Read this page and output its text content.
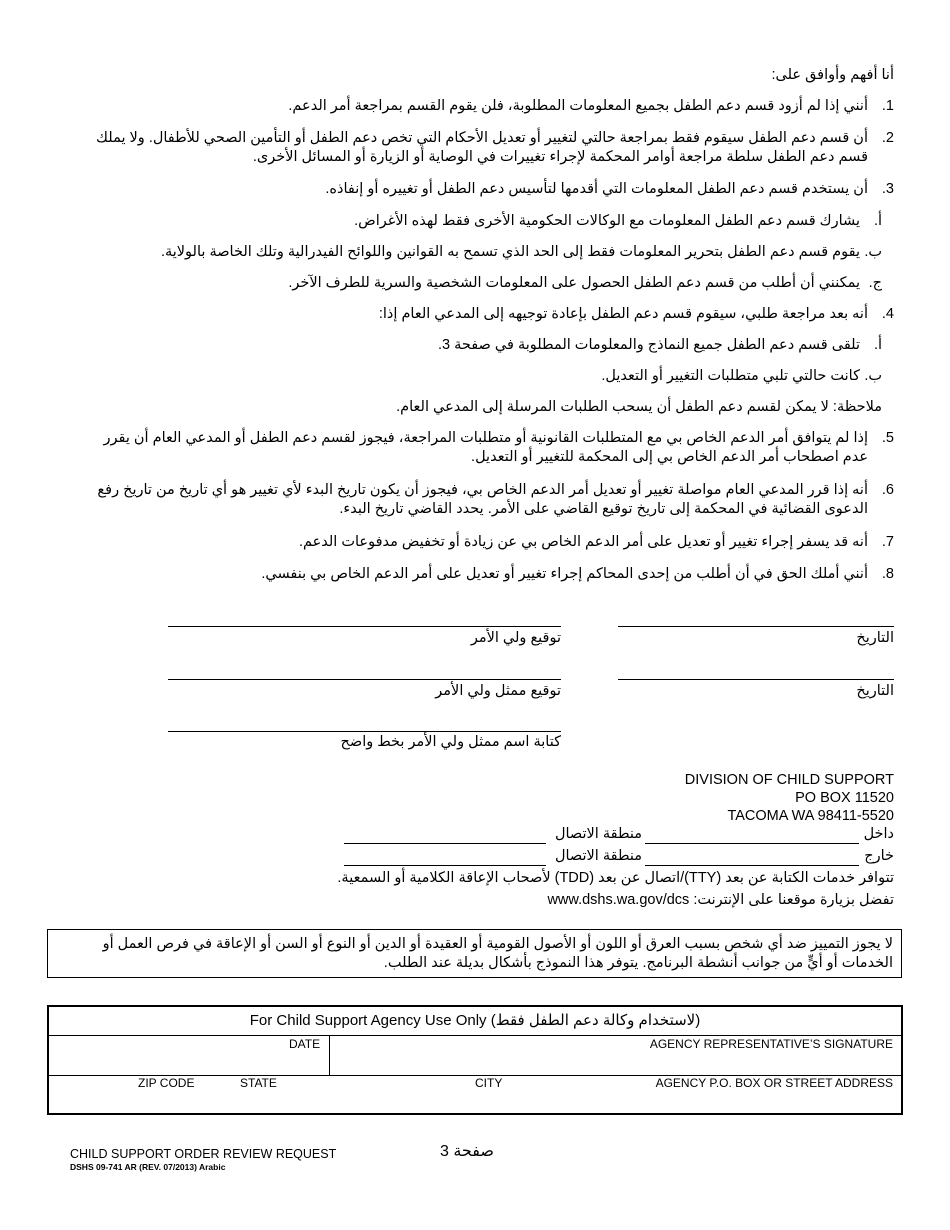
أنا أفهم وأوافق على:
1.
أنني إذا لم أزود قسم دعم الطفل بجميع المعلومات المطلوبة، فلن يقوم القسم بمراجعة أمر الدعم.
2.
أن قسم دعم الطفل سيقوم فقط بمراجعة حالتي لتغيير أو تعديل الأحكام التي تخص دعم الطفل أو التأمين الصحي للأطفال. ولا يملك قسم دعم الطفل سلطة مراجعة أوامر المحكمة لإجراء تغييرات في الوصاية أو الزيارة أو المسائل الأخرى.
3.
أن يستخدم قسم دعم الطفل المعلومات التي أقدمها لتأسيس دعم الطفل أو تغييره أو إنفاذه.
أ.
يشارك قسم دعم الطفل المعلومات مع الوكالات الحكومية الأخرى فقط لهذه الأغراض.
ب.
يقوم قسم دعم الطفل بتحرير المعلومات فقط إلى الحد الذي تسمح به القوانين واللوائح الفيدرالية وتلك الخاصة بالولاية.
ج.
يمكنني أن أطلب من قسم دعم الطفل الحصول على المعلومات الشخصية والسرية للطرف الآخر.
4.
أنه بعد مراجعة طلبي، سيقوم قسم دعم الطفل بإعادة توجيهه إلى المدعي العام إذا:
أ.
تلقى قسم دعم الطفل جميع النماذج والمعلومات المطلوبة في صفحة 3.
ب.
كانت حالتي تلبي متطلبات التغيير أو التعديل.
ملاحظة: لا يمكن لقسم دعم الطفل أن يسحب الطلبات المرسلة إلى المدعي العام.
5.
إذا لم يتوافق أمر الدعم الخاص بي مع المتطلبات القانونية أو متطلبات المراجعة، فيجوز لقسم دعم الطفل أو المدعي العام أن يقرر عدم اصطحاب أمر الدعم الخاص بي إلى المحكمة للتغيير أو التعديل.
6.
أنه إذا قرر المدعي العام مواصلة تغيير أو تعديل أمر الدعم الخاص بي، فيجوز أن يكون تاريخ البدء لأي تغيير هو أي تاريخ من تاريخ رفع الدعوى القضائية في المحكمة إلى تاريخ توقيع القاضي على الأمر. يحدد القاضي تاريخ البدء.
7.
أنه قد يسفر إجراء تغيير أو تعديل على أمر الدعم الخاص بي عن زيادة أو تخفيض مدفوعات الدعم.
8.
أنني أملك الحق في أن أطلب من إحدى المحاكم إجراء تغيير أو تعديل على أمر الدعم الخاص بي بنفسي.
التاريخ
توقيع ولي الأمر
التاريخ
توقيع ممثل ولي الأمر
كتابة اسم ممثل ولي الأمر بخط واضح
DIVISION OF CHILD SUPPORT
PO BOX 11520
TACOMA WA 98411-5520
داخل
منطقة الاتصال
خارج
منطقة الاتصال
تتوافر خدمات الكتابة عن بعد (TTY)/اتصال عن بعد (TDD) لأصحاب الإعاقة الكلامية أو السمعية.
تفضل بزيارة موقعنا على الإنترنت: www.dshs.wa.gov/dcs
لا يجوز التمييز ضد أي شخص بسبب العرق أو اللون أو الأصول القومية أو العقيدة أو الدين أو النوع أو السن أو الإعاقة في فرص العمل أو الخدمات أو أيٍّ من جوانب أنشطة البرنامج. يتوفر هذا النموذج بأشكال بديلة عند الطلب.
For Child Support Agency Use Only (لاستخدام وكالة دعم الطفل فقط)
AGENCY REPRESENTATIVE’S SIGNATURE
DATE
AGENCY P.O. BOX OR STREET ADDRESS
CITY
STATE
ZIP CODE
CHILD SUPPORT ORDER REVIEW REQUEST
DSHS 09-741 AR (REV. 07/2013) Arabic
صفحة 3
